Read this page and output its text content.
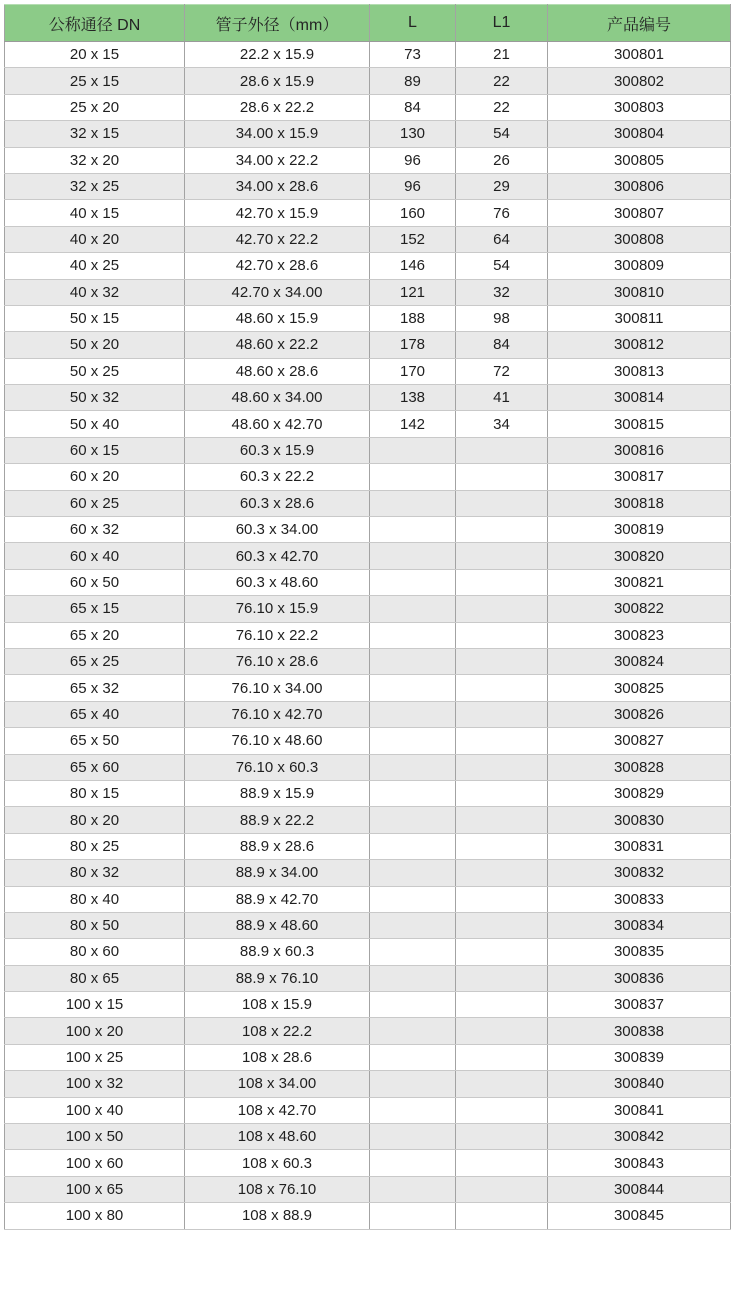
公称通径 DN	管子外径（mm）	L	L1	产品编号
20 x 15	22.2 x 15.9	73	21	300801
25 x 15	28.6 x 15.9	89	22	300802
25 x 20	28.6 x 22.2	84	22	300803
32 x 15	34.00 x 15.9	130	54	300804
32 x 20	34.00 x 22.2	96	26	300805
32 x 25	34.00 x 28.6	96	29	300806
40 x 15	42.70 x 15.9	160	76	300807
40 x 20	42.70 x 22.2	152	64	300808
40 x 25	42.70 x 28.6	146	54	300809
40 x 32	42.70 x 34.00	121	32	300810
50 x 15	48.60 x 15.9	188	98	300811
50 x 20	48.60 x 22.2	178	84	300812
50 x 25	48.60 x 28.6	170	72	300813
50 x 32	48.60 x 34.00	138	41	300814
50 x 40	48.60 x 42.70	142	34	300815
60 x 15	60.3 x 15.9			300816
60 x 20	60.3 x 22.2			300817
60 x 25	60.3 x 28.6			300818
60 x 32	60.3 x 34.00			300819
60 x 40	60.3 x 42.70			300820
60 x 50	60.3 x 48.60			300821
65 x 15	76.10 x 15.9			300822
65 x 20	76.10 x 22.2			300823
65 x 25	76.10 x 28.6			300824
65 x 32	76.10 x 34.00			300825
65 x 40	76.10 x 42.70			300826
65 x 50	76.10 x 48.60			300827
65 x 60	76.10 x 60.3			300828
80 x 15	88.9 x 15.9			300829
80 x 20	88.9 x 22.2			300830
80 x 25	88.9 x 28.6			300831
80 x 32	88.9 x 34.00			300832
80 x 40	88.9 x 42.70			300833
80 x 50	88.9 x 48.60			300834
80 x 60	88.9 x 60.3			300835
80 x 65	88.9 x 76.10			300836
100 x 15	108 x 15.9			300837
100 x 20	108 x 22.2			300838
100 x 25	108 x 28.6			300839
100 x 32	108 x 34.00			300840
100 x 40	108 x 42.70			300841
100 x 50	108 x 48.60			300842
100 x 60	108 x 60.3			300843
100 x 65	108 x 76.10			300844
100 x 80	108 x 88.9			300845
